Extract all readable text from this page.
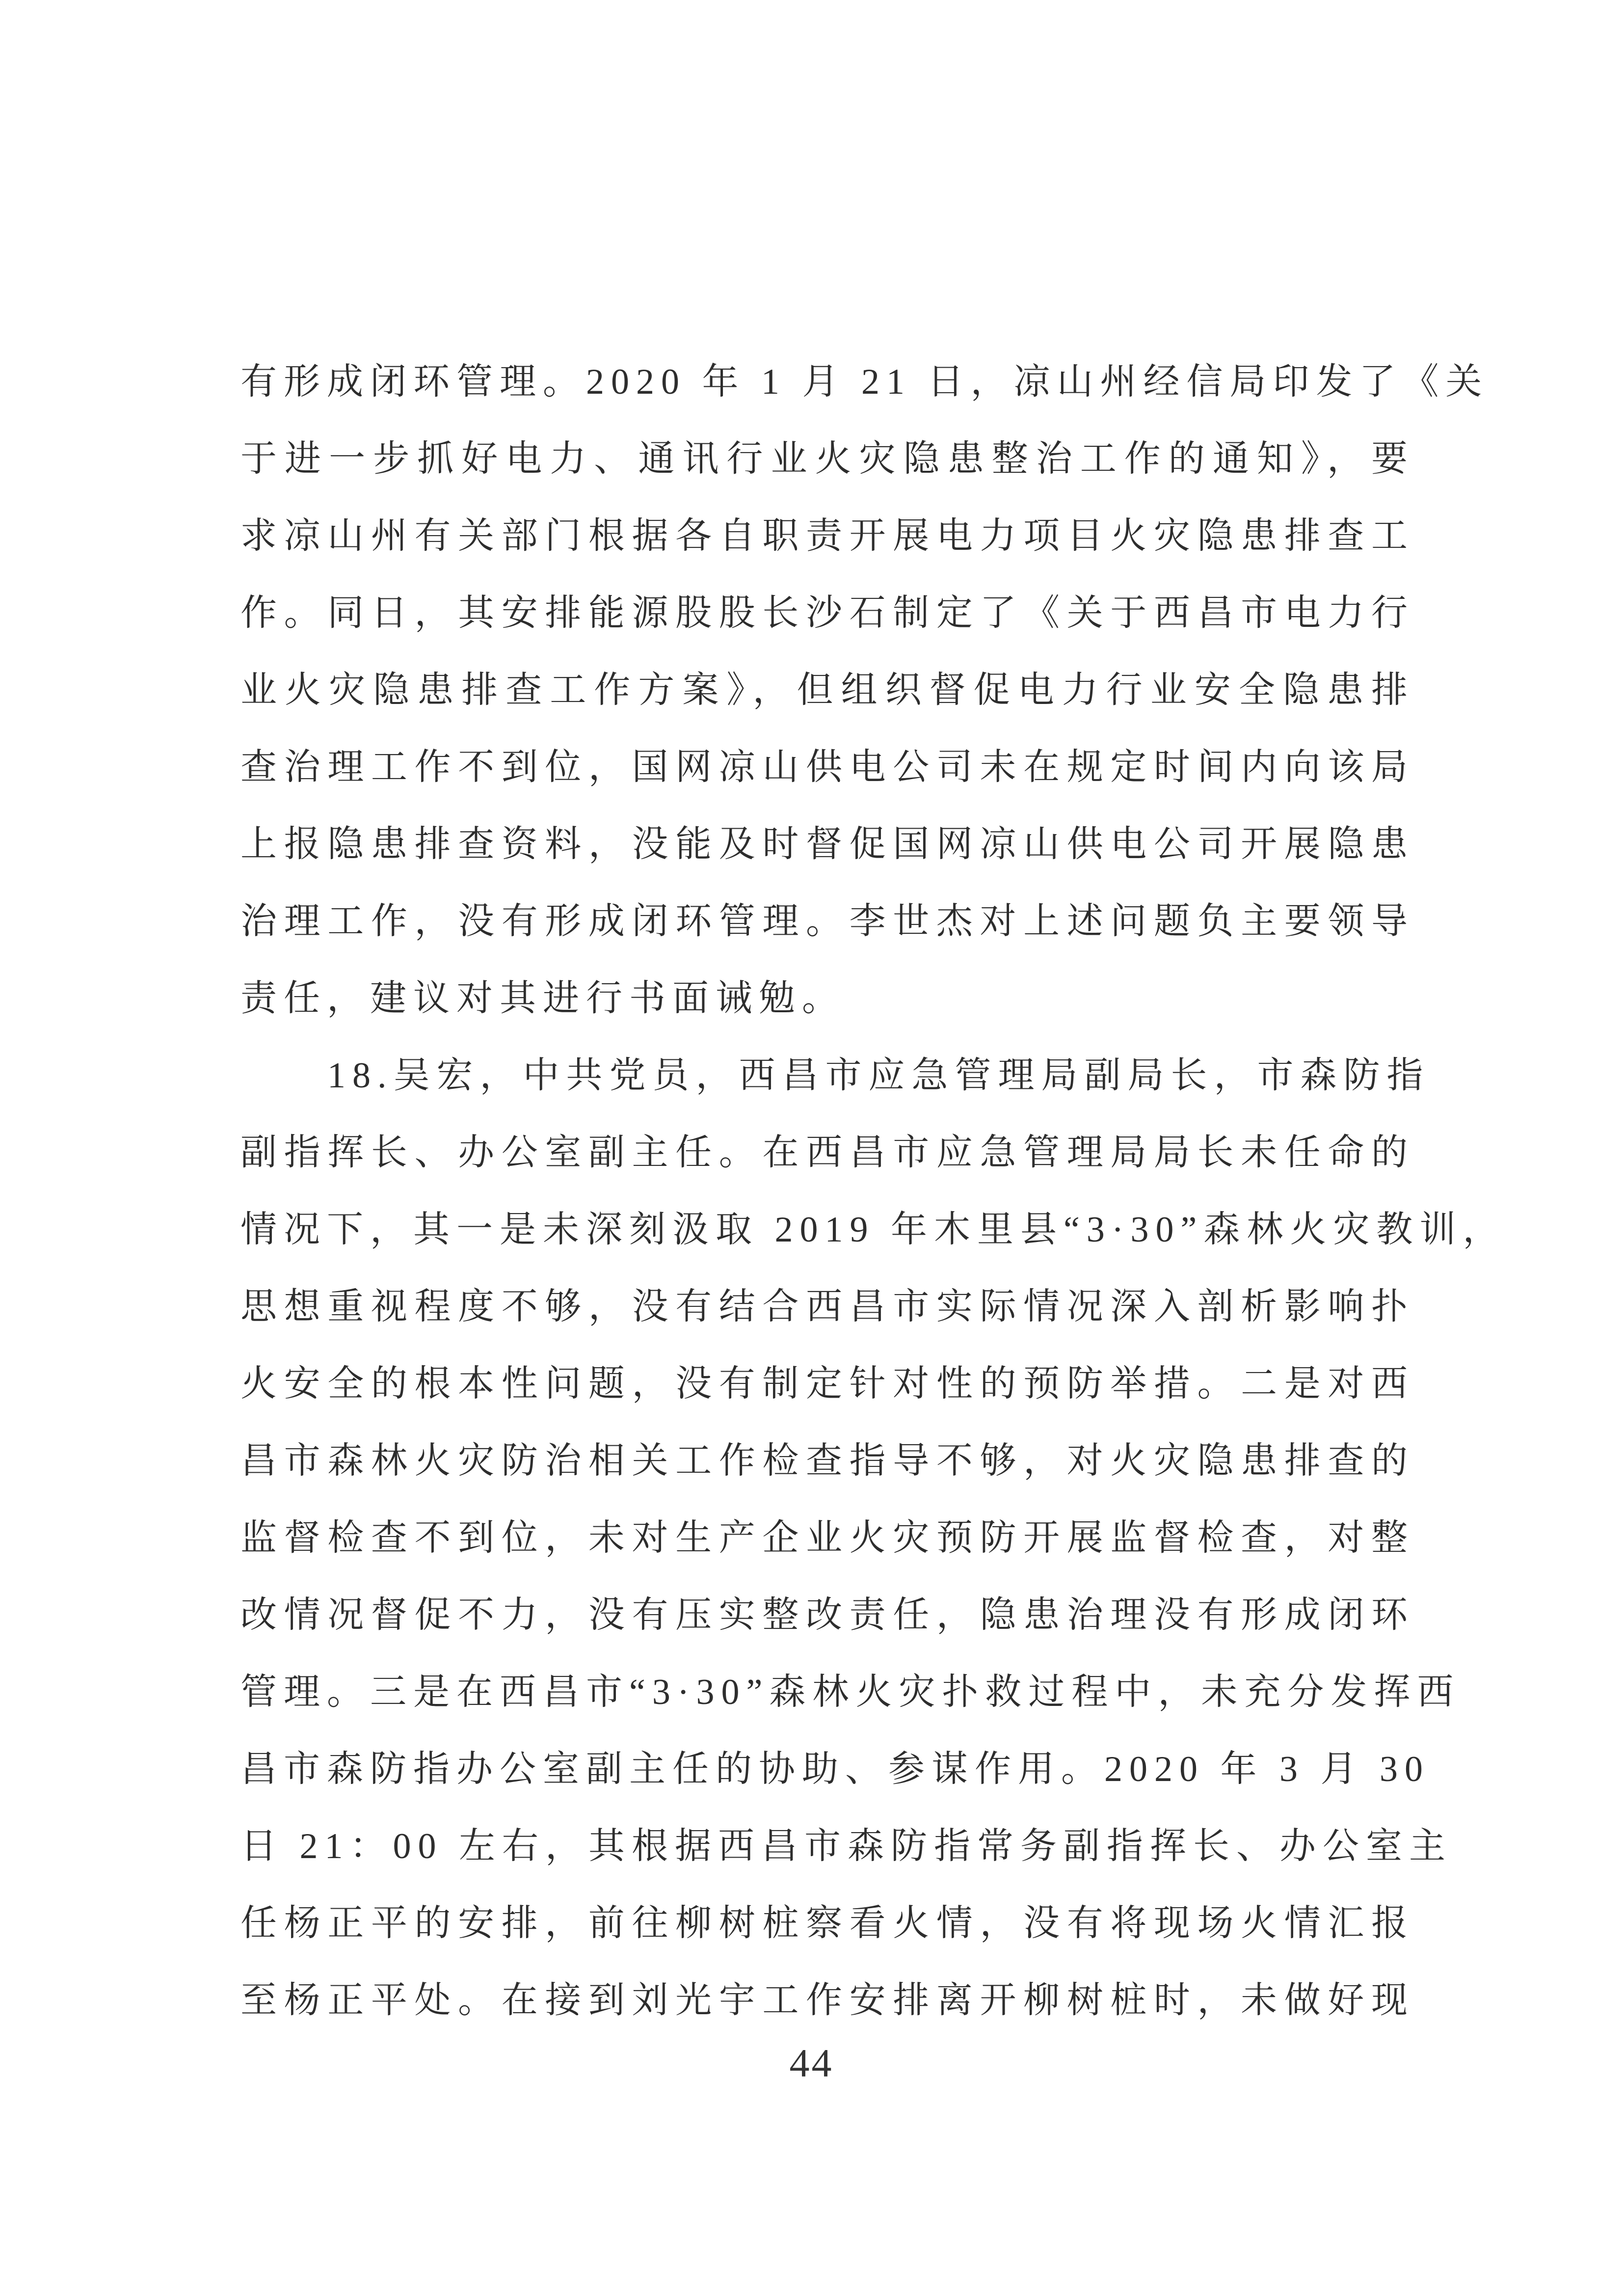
有形成闭环管理。2020 年 1 月 21 日，凉山州经信局印发了《关
于进一步抓好电力、通讯行业火灾隐患整治工作的通知》，要
求凉山州有关部门根据各自职责开展电力项目火灾隐患排查工
作。同日，其安排能源股股长沙石制定了《关于西昌市电力行
业火灾隐患排查工作方案》，但组织督促电力行业安全隐患排
查治理工作不到位，国网凉山供电公司未在规定时间内向该局
上报隐患排查资料，没能及时督促国网凉山供电公司开展隐患
治理工作，没有形成闭环管理。李世杰对上述问题负主要领导
责任，建议对其进行书面诫勉。
18.吴宏，中共党员，西昌市应急管理局副局长，市森防指
副指挥长、办公室副主任。在西昌市应急管理局局长未任命的
情况下，其一是未深刻汲取 2019 年木里县“3·30”森林火灾教训，
思想重视程度不够，没有结合西昌市实际情况深入剖析影响扑
火安全的根本性问题，没有制定针对性的预防举措。二是对西
昌市森林火灾防治相关工作检查指导不够，对火灾隐患排查的
监督检查不到位，未对生产企业火灾预防开展监督检查，对整
改情况督促不力，没有压实整改责任，隐患治理没有形成闭环
管理。三是在西昌市“3·30”森林火灾扑救过程中，未充分发挥西
昌市森防指办公室副主任的协助、参谋作用。2020 年 3 月 30
日 21：00 左右，其根据西昌市森防指常务副指挥长、办公室主
任杨正平的安排，前往柳树桩察看火情，没有将现场火情汇报
至杨正平处。在接到刘光宇工作安排离开柳树桩时，未做好现
44
